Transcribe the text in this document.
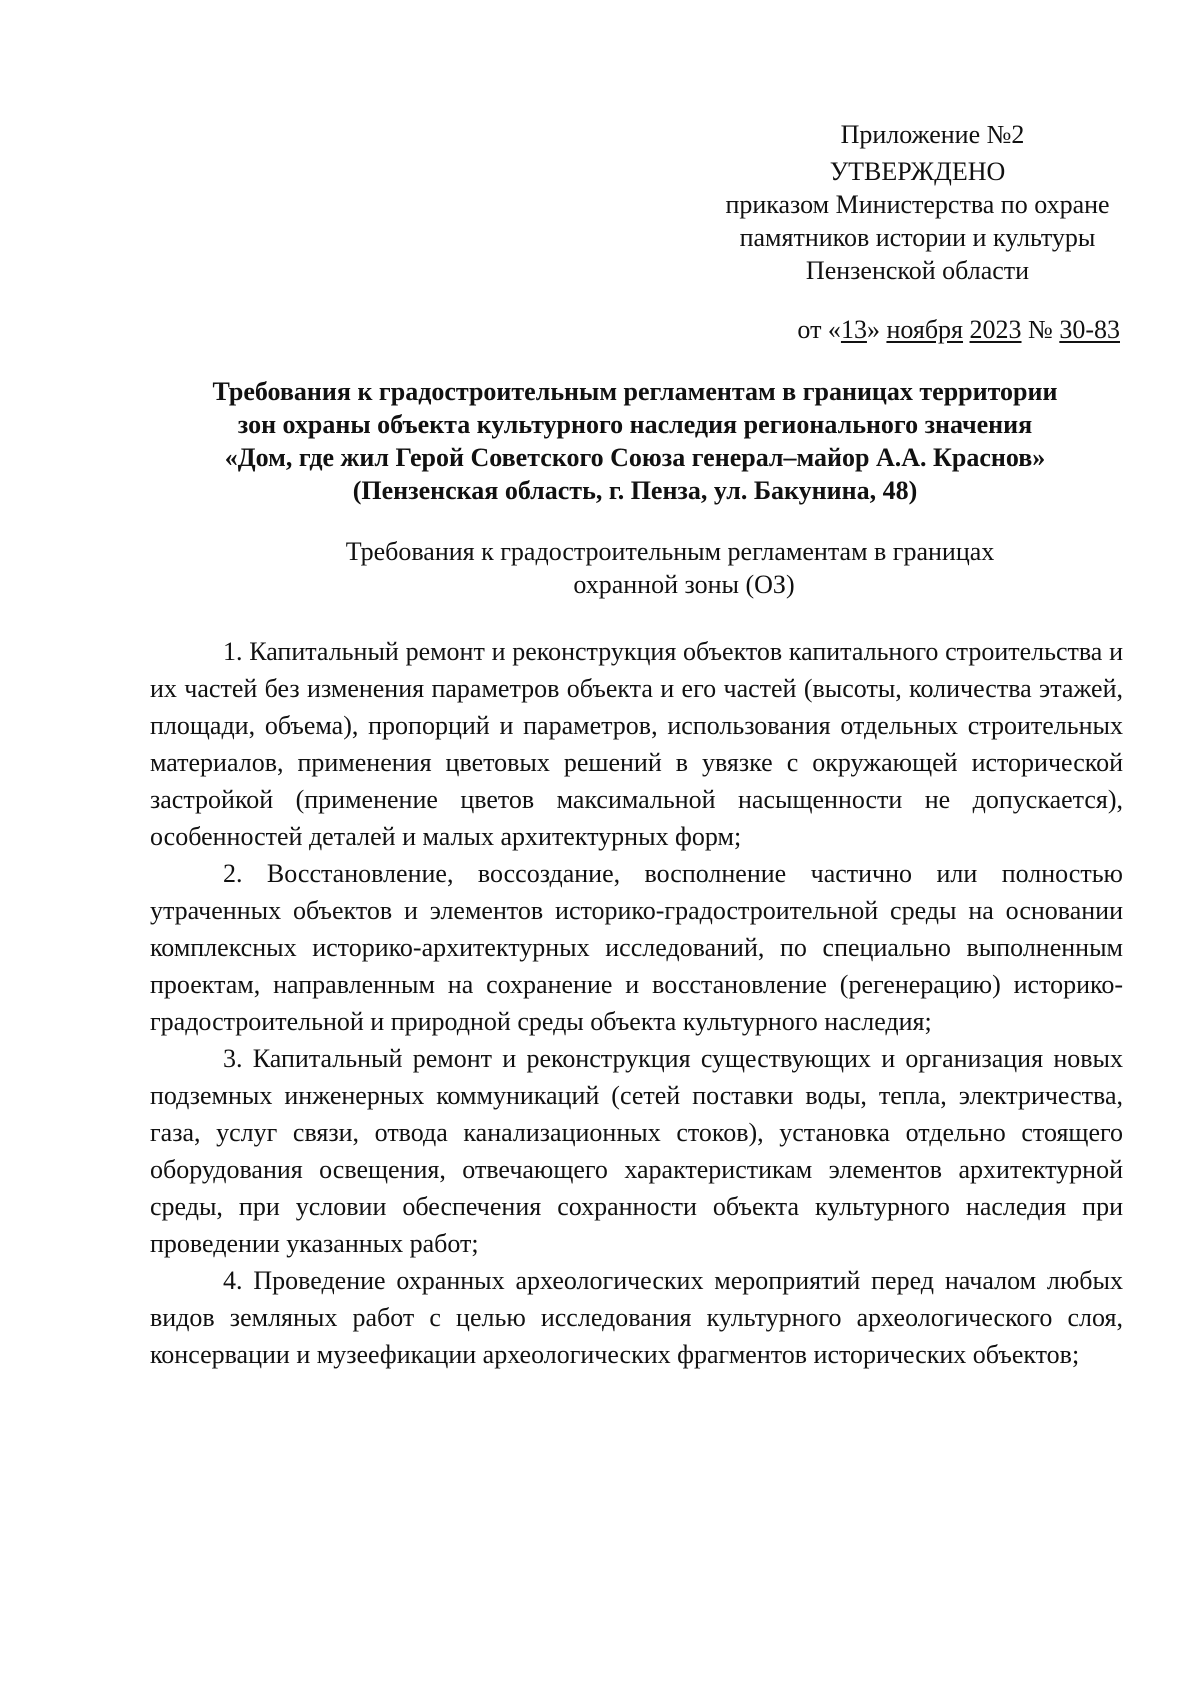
Приложение №2
УТВЕРЖДЕНО
приказом Министерства по охране
памятников истории и культуры
Пензенской области
от «13» ноября 2023 № 30-83
Требования к градостроительным регламентам в границах территории
зон охраны объекта культурного наследия регионального значения
«Дом, где жил Герой Советского Союза генерал–майор А.А. Краснов»
(Пензенская область, г. Пенза, ул. Бакунина, 48)
Требования к градостроительным регламентам в границах
охранной зоны (ОЗ)

1. Капитальный ремонт и реконструкция объектов капитального строительства и их частей без изменения параметров объекта и его частей (высоты, количества этажей, площади, объема), пропорций и параметров, использования отдельных строительных материалов, применения цветовых решений в увязке с окружающей исторической застройкой (применение цветов максимальной насыщенности не допускается), особенностей деталей и малых архитектурных форм;

2. Восстановление, воссоздание, восполнение частично или полностью утраченных объектов и элементов историко-градостроительной среды на основании комплексных историко-архитектурных исследований, по специально выполненным проектам, направленным на сохранение и восстановление (регенерацию) историко-градостроительной и природной среды объекта культурного наследия;

3. Капитальный ремонт и реконструкция существующих и организация новых подземных инженерных коммуникаций (сетей поставки воды, тепла, электричества, газа, услуг связи, отвода канализационных стоков), установка отдельно стоящего оборудования освещения, отвечающего характеристикам элементов архитектурной среды, при условии обеспечения сохранности объекта культурного наследия при проведении указанных работ;

4. Проведение охранных археологических мероприятий перед началом любых видов земляных работ с целью исследования культурного археологического слоя, консервации и музеефикации археологических фрагментов исторических объектов;
